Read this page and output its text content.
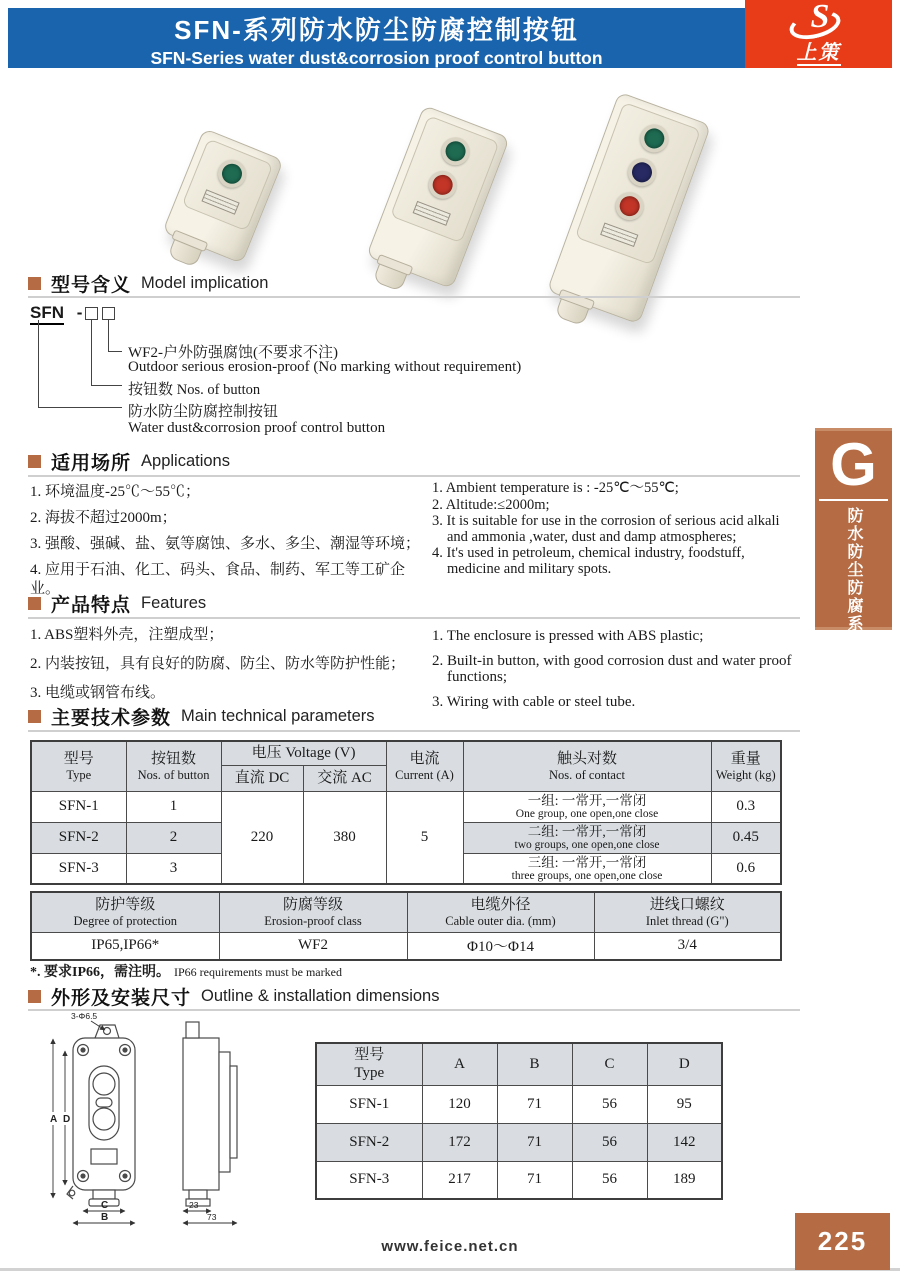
SFN-系列防水防尘防腐控制按钮
SFN-Series water dust&corrosion proof control button
S
上策
型号含义 Model implication
SFN -
WF2-户外防强腐蚀(不要求不注)
Outdoor serious erosion-proof (No marking without requirement)
按钮数 Nos. of button
防水防尘防腐控制按钮
Water dust&corrosion proof control button
适用场所 Applications
1. 环境温度-25℃～55℃；
2. 海拔不超过2000m；
3. 强酸、强碱、盐、氨等腐蚀、多水、多尘、潮湿等环境；
4. 应用于石油、化工、码头、食品、制药、军工等工矿企业。
1. Ambient temperature is : -25℃～55℃;
2. Altitude:≤2000m;
3. It is suitable for use in the corrosion of serious acid alkali and ammonia ,water, dust and damp atmospheres;
4. It's used in petroleum, chemical industry, foodstuff, medicine and military spots.
产品特点 Features
1. ABS塑料外壳，注塑成型；
2. 内装按钮，具有良好的防腐、防尘、防水等防护性能；
3. 电缆或钢管布线。
1. The enclosure is pressed with ABS plastic;
2. Built-in button, with good corrosion dust and water proof functions;
3. Wiring with cable or steel tube.
主要技术参数 Main technical parameters
型号
Type

按钮数
Nos. of button

电压 Voltage (V)	电流
Current (A)

触头对数
Nos. of contact

重量
Weight (kg)

		直流 DC	交流 AC			

SFN-1	1	220	380	5	一组: 一常开,一常闭
One group, one open,one close	0.3
SFN-2	2				二组: 一常开,一常闭
two groups, one open,one close	0.45
SFN-3	3				三组: 一常开,一常闭
three groups, one open,one close	0.6
防护等级
Degree of protection

防腐等级
Erosion-proof class

电缆外径
Cable outer dia. (mm)

进线口螺纹
Inlet thread (G")

IP65,IP66*	WF2	Φ10～Φ14	3/4
*. 要求IP66，需注明。 IP66 requirements must be marked
外形及安装尺寸 Outline & installation dimensions
A D
C
B
3-Φ6.5
23
73
型号
Type	A	B	C	D
SFN-1	120	71	56	95
SFN-2	172	71	56	142
SFN-3	217	71	56	189
G
防水防尘防腐系列
www.feice.net.cn	225
